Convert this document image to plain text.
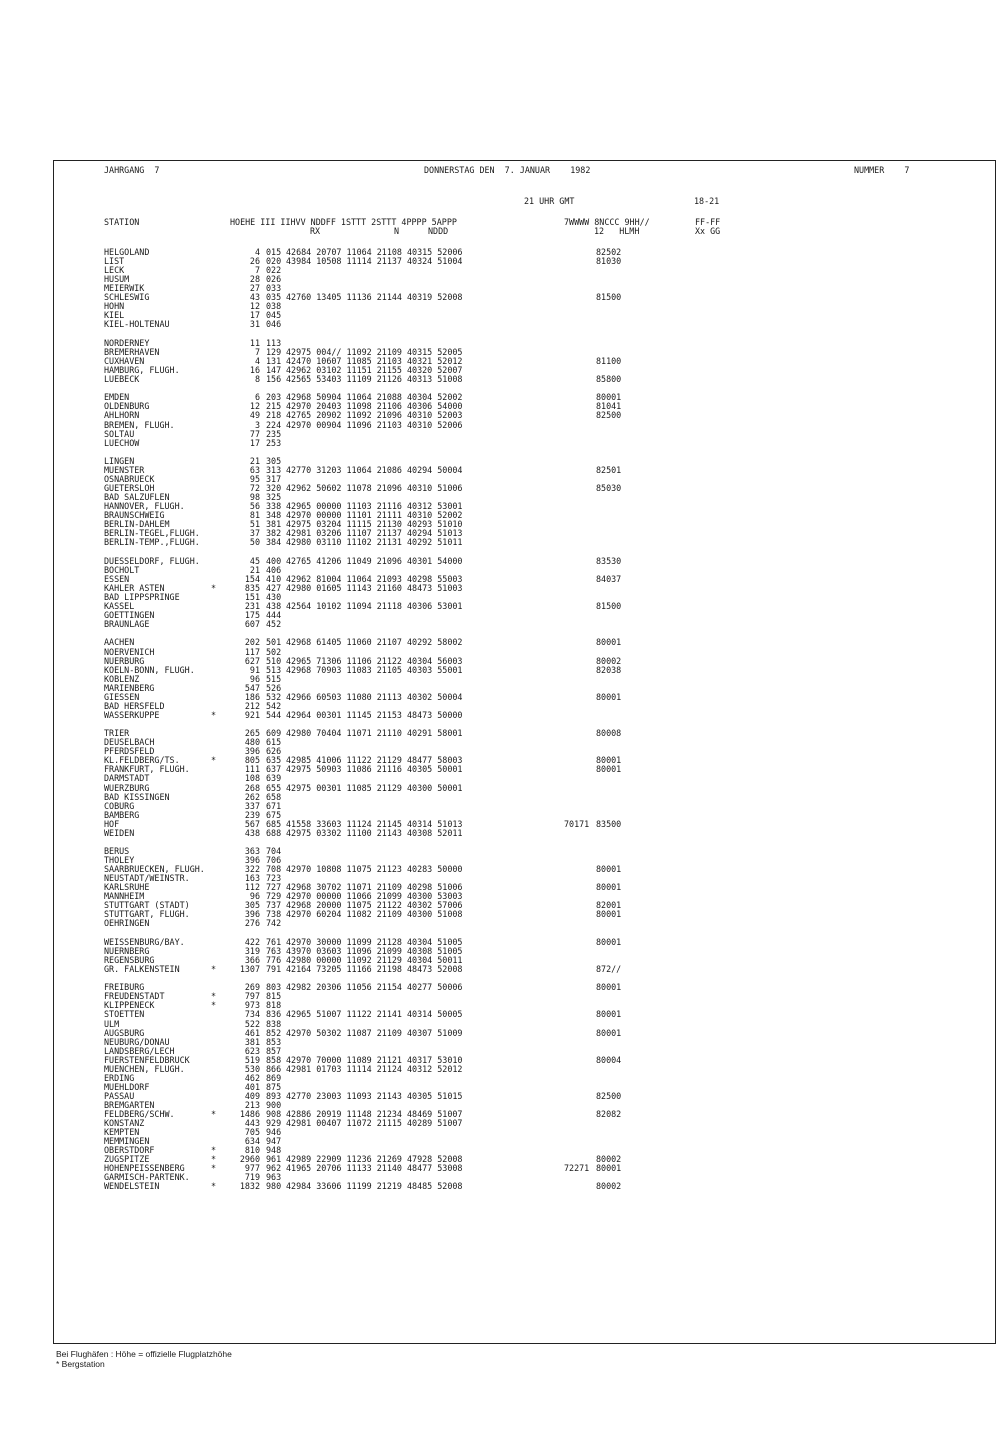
JAHRGANG  7	DONNERSTAG DEN  7. JANUAR    1982	NUMMER    7
21 UHR GMT	18-21
STATION	HOEHE III IIHVV NDDFF 1STTT 2STTT 4PPPP 5APPP	7WWWW 8NCCC 9HH//	FF-FF
RX	N	NDDD	12   HLMH	Xx GG
HELGOLAND	4 015 42684 20707 11064 21108 40315 52006	82502
LIST	26 020 43984 10508 11114 21137 40324 51004	81030
LECK	7 022
HUSUM	28 026
MEIERWIK	27 033
SCHLESWIG	43 035 42760 13405 11136 21144 40319 52008	81500
HOHN	12 038
KIEL	17 045
KIEL-HOLTENAU	31 046
NORDERNEY	11 113
BREMERHAVEN	7 129 42975 004// 11092 21109 40315 52005
CUXHAVEN	4 131 42470 10607 11085 21103 40321 52012	81100
HAMBURG, FLUGH.	16 147 42962 03102 11151 21155 40320 52007
LUEBECK	8 156 42565 53403 11109 21126 40313 51008	85800
EMDEN	6 203 42968 50904 11064 21088 40304 52002	80001
OLDENBURG	12 215 42970 20403 11098 21106 40306 54000	81041
AHLHORN	49 218 42765 20902 11092 21096 40310 52003	82500
BREMEN, FLUGH.	3 224 42970 00904 11096 21103 40310 52006
SOLTAU	77 235
LUECHOW	17 253
LINGEN	21 305
MUENSTER	63 313 42770 31203 11064 21086 40294 50004	82501
OSNABRUECK	95 317
GUETERSLOH	72 320 42962 50602 11078 21096 40310 51006	85030
BAD SALZUFLEN	98 325
HANNOVER, FLUGH.	56 338 42965 00000 11103 21116 40312 53001
BRAUNSCHWEIG	81 348 42970 00000 11101 21111 40310 52002
BERLIN-DAHLEM	51 381 42975 03204 11115 21130 40293 51010
BERLIN-TEGEL,FLUGH.	37 382 42981 03206 11107 21137 40294 51013
BERLIN-TEMP.,FLUGH.	50 384 42980 03110 11102 21131 40292 51011
DUESSELDORF, FLUGH.	45 400 42765 41206 11049 21096 40301 54000	83530
BOCHOLT	21 406
ESSEN	154 410 42962 81004 11064 21093 40298 55003	84037
KAHLER ASTEN	*	835 427 42980 01605 11143 21160 48473 51003
BAD LIPPSPRINGE	151 430
KASSEL	231 438 42564 10102 11094 21118 40306 53001	81500
GOETTINGEN	175 444
BRAUNLAGE	607 452
AACHEN	202 501 42968 61405 11060 21107 40292 58002	80001
NOERVENICH	117 502
NUERBURG	627 510 42965 71306 11106 21122 40304 56003	80002
KOELN-BONN, FLUGH.	91 513 42968 70903 11083 21105 40303 55001	82038
KOBLENZ	96 515
MARIENBERG	547 526
GIESSEN	186 532 42966 60503 11080 21113 40302 50004	80001
BAD HERSFELD	212 542
WASSERKUPPE	*	921 544 42964 00301 11145 21153 48473 50000
TRIER	265 609 42980 70404 11071 21110 40291 58001	80008
DEUSELBACH	480 615
PFERDSFELD	396 626
KL.FELDBERG/TS.	*	805 635 42985 41006 11122 21129 48477 58003	80001
FRANKFURT, FLUGH.	111 637 42975 50903 11086 21116 40305 50001	80001
DARMSTADT	108 639
WUERZBURG	268 655 42975 00301 11085 21129 40300 50001
BAD KISSINGEN	262 658
COBURG	337 671
BAMBERG	239 675
HOF	567 685 41558 33603 11124 21145 40314 51013	70171 83500
WEIDEN	438 688 42975 03302 11100 21143 40308 52011
BERUS	363 704
THOLEY	396 706
SAARBRUECKEN, FLUGH.	322 708 42970 10808 11075 21123 40283 50000	80001
NEUSTADT/WEINSTR.	163 723
KARLSRUHE	112 727 42968 30702 11071 21109 40298 51006	80001
MANNHEIM	96 729 42970 00000 11066 21099 40300 53003
STUTTGART (STADT)	305 737 42968 20000 11075 21122 40302 57006	82001
STUTTGART, FLUGH.	396 738 42970 60204 11082 21109 40300 51008	80001
OEHRINGEN	276 742
WEISSENBURG/BAY.	422 761 42970 30000 11099 21128 40304 51005	80001
NUERNBERG	319 763 43970 03603 11096 21099 40308 51005
REGENSBURG	366 776 42980 00000 11092 21129 40304 50011
GR. FALKENSTEIN	*	1307 791 42164 73205 11166 21198 48473 52008	872//
FREIBURG	269 803 42982 20306 11056 21154 40277 50006	80001
FREUDENSTADT	*	797 815
KLIPPENECK	*	973 818
STOETTEN	734 836 42965 51007 11122 21141 40314 50005	80001
ULM	522 838
AUGSBURG	461 852 42970 50302 11087 21109 40307 51009	80001
NEUBURG/DONAU	381 853
LANDSBERG/LECH	623 857
FUERSTENFELDBRUCK	519 858 42970 70000 11089 21121 40317 53010	80004
MUENCHEN, FLUGH.	530 866 42981 01703 11114 21124 40312 52012
ERDING	462 869
MUEHLDORF	401 875
PASSAU	409 893 42770 23003 11093 21143 40305 51015	82500
BREMGARTEN	213 900
FELDBERG/SCHW.	*	1486 908 42886 20919 11148 21234 48469 51007	82082
KONSTANZ	443 929 42981 00407 11072 21115 40289 51007
KEMPTEN	705 946
MEMMINGEN	634 947
OBERSTDORF	*	810 948
ZUGSPITZE	*	2960 961 42989 22909 11236 21269 47928 52008	80002
HOHENPEISSENBERG	*	977 962 41965 20706 11133 21140 48477 53008	72271 80001
GARMISCH-PARTENK.	719 963
WENDELSTEIN	*	1832 980 42984 33606 11199 21219 48485 52008	80002
Bei Flughäfen : Höhe = offizielle Flugplatzhöhe
* Bergstation
